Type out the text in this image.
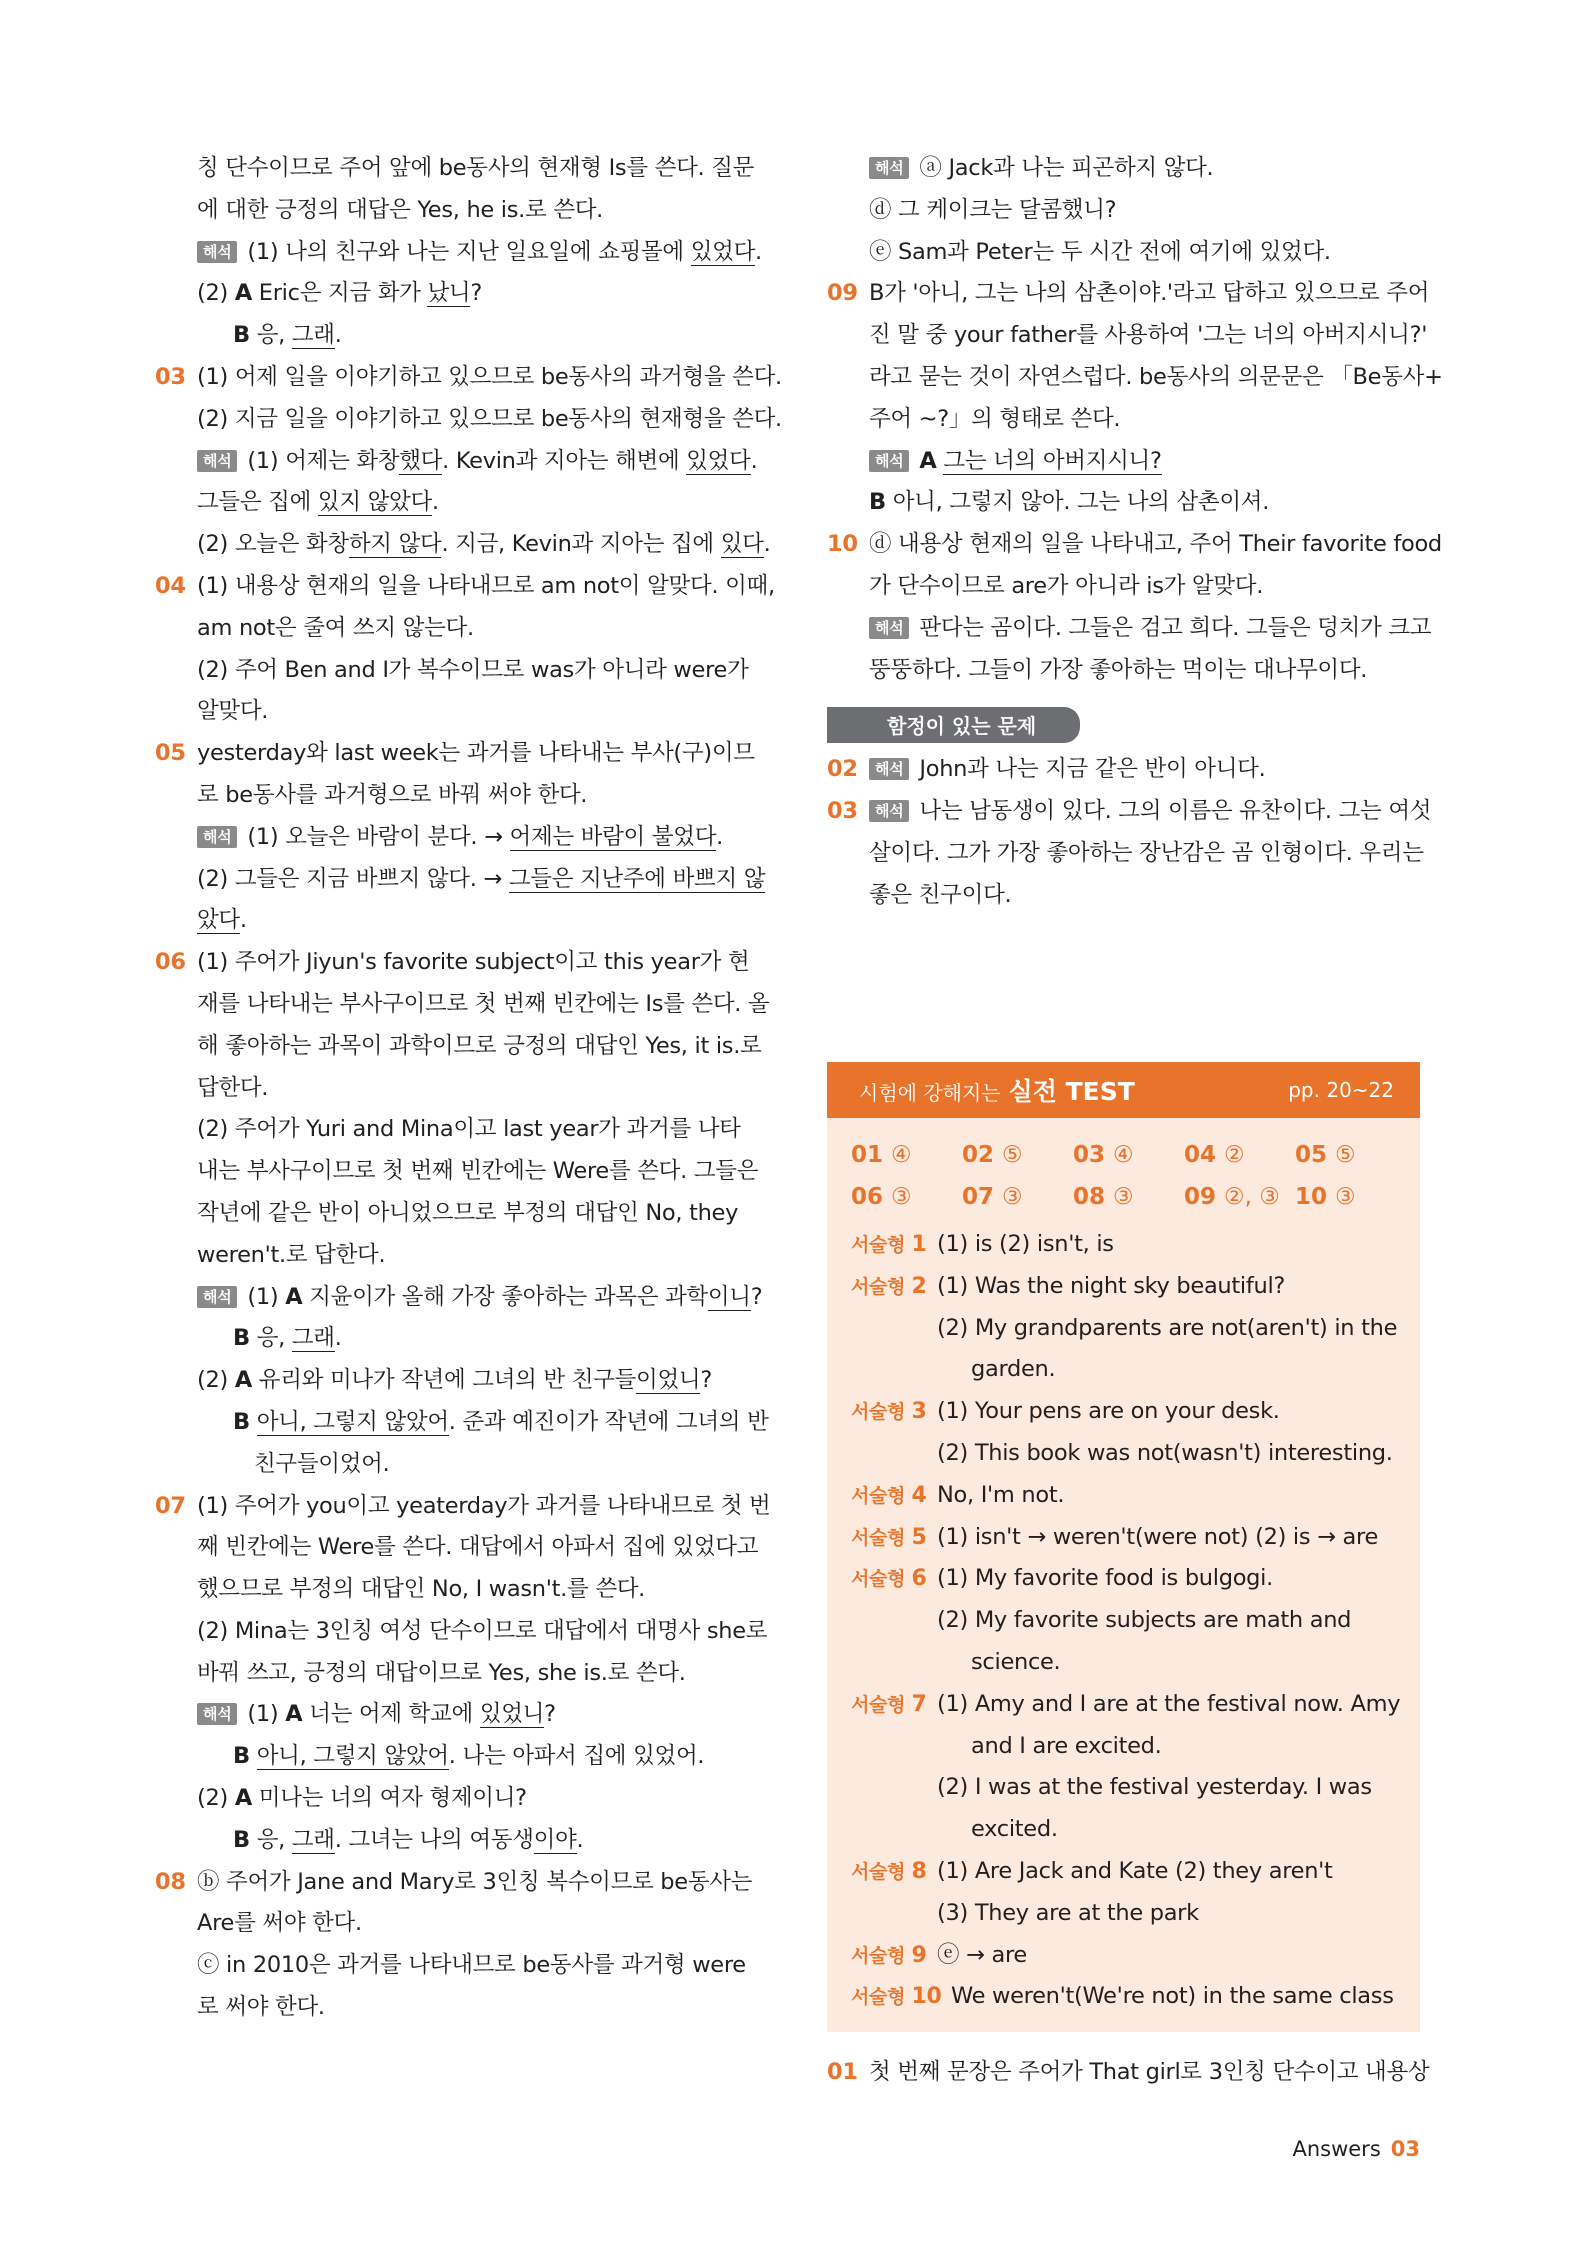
칭 단수이므로 주어 앞에 be동사의 현재형 Is를 쓴다. 질문
에 대한 긍정의 대답은 Yes, he is.로 쓴다.
해석 (1) 나의 친구와 나는 지난 일요일에 쇼핑몰에 있었다.
(2) A Eric은 지금 화가 났니?
B 응, 그래.
03 (1) 어제 일을 이야기하고 있으므로 be동사의 과거형을 쓴다.
(2) 지금 일을 이야기하고 있으므로 be동사의 현재형을 쓴다.
해석 (1) 어제는 화창했다. Kevin과 지아는 해변에 있었다.
그들은 집에 있지 않았다.
(2) 오늘은 화창하지 않다. 지금, Kevin과 지아는 집에 있다.
04 (1) 내용상 현재의 일을 나타내므로 am not이 알맞다. 이때,
am not은 줄여 쓰지 않는다.
(2) 주어 Ben and I가 복수이므로 was가 아니라 were가
알맞다.
05 yesterday와 last week는 과거를 나타내는 부사(구)이므
로 be동사를 과거형으로 바꿔 써야 한다.
해석 (1) 오늘은 바람이 분다. → 어제는 바람이 불었다.
(2) 그들은 지금 바쁘지 않다. → 그들은 지난주에 바쁘지 않
았다.
06 (1) 주어가 Jiyun's favorite subject이고 this year가 현
재를 나타내는 부사구이므로 첫 번째 빈칸에는 Is를 쓴다. 올
해 좋아하는 과목이 과학이므로 긍정의 대답인 Yes, it is.로
답한다.
(2) 주어가 Yuri and Mina이고 last year가 과거를 나타
내는 부사구이므로 첫 번째 빈칸에는 Were를 쓴다. 그들은
작년에 같은 반이 아니었으므로 부정의 대답인 No, they
weren't.로 답한다.
해석 (1) A 지윤이가 올해 가장 좋아하는 과목은 과학이니?
B 응, 그래.
(2) A 유리와 미나가 작년에 그녀의 반 친구들이었니?
B 아니, 그렇지 않았어. 준과 예진이가 작년에 그녀의 반
친구들이었어.
07 (1) 주어가 you이고 yeaterday가 과거를 나타내므로 첫 번
째 빈칸에는 Were를 쓴다. 대답에서 아파서 집에 있었다고
했으므로 부정의 대답인 No, I wasn't.를 쓴다.
(2) Mina는 3인칭 여성 단수이므로 대답에서 대명사 she로
바꿔 쓰고, 긍정의 대답이므로 Yes, she is.로 쓴다.
해석 (1) A 너는 어제 학교에 있었니?
B 아니, 그렇지 않았어. 나는 아파서 집에 있었어.
(2) A 미나는 너의 여자 형제이니?
B 응, 그래. 그녀는 나의 여동생이야.
08 ⓑ 주어가 Jane and Mary로 3인칭 복수이므로 be동사는
Are를 써야 한다.
ⓒ in 2010은 과거를 나타내므로 be동사를 과거형 were
로 써야 한다.
해석 ⓐ Jack과 나는 피곤하지 않다.
ⓓ 그 케이크는 달콤했니?
ⓔ Sam과 Peter는 두 시간 전에 여기에 있었다.
09 B가 '아니, 그는 나의 삼촌이야.'라고 답하고 있으므로 주어
진 말 중 your father를 사용하여 '그는 너의 아버지시니?'
라고 묻는 것이 자연스럽다. be동사의 의문문은 「Be동사+
주어 ~?」의 형태로 쓴다.
해석 A 그는 너의 아버지시니?
B 아니, 그렇지 않아. 그는 나의 삼촌이셔.
10 ⓓ 내용상 현재의 일을 나타내고, 주어 Their favorite food
가 단수이므로 are가 아니라 is가 알맞다.
해석 판다는 곰이다. 그들은 검고 희다. 그들은 덩치가 크고
뚱뚱하다. 그들이 가장 좋아하는 먹이는 대나무이다.
함정이 있는 문제
02	해석 John과 나는 지금 같은 반이 아니다.
03	해석 나는 남동생이 있다. 그의 이름은 유찬이다. 그는 여섯
살이다. 그가 가장 좋아하는 장난감은 곰 인형이다. 우리는
좋은 친구이다.
시험에 강해지는 실전 TEST	pp. 20~22
01 ④	02 ⑤	03 ④	04 ②	05 ⑤
06 ③	07 ③	08 ③	09 ②, ③ 10 ③
서술형 1 (1) is (2) isn't, is
서술형 2 (1) Was the night sky beautiful?
(2) My grandparents are not(aren't) in the

garden.
서술형 3 (1) Your pens are on your desk.
(2) This book was not(wasn't) interesting.
서술형 4 No, I'm not.
서술형 5 (1) isn't → weren't(were not) (2) is → are
서술형 6 (1) My favorite food is bulgogi.
(2) My favorite subjects are math and

science.
서술형 7 (1) Amy and I are at the festival now. Amy

and I are excited.
(2) I was at the festival yesterday. I was

excited.
서술형 8 (1) Are Jack and Kate (2) they aren't
(3) They are at the park
서술형 9 ⓔ → are
서술형 10 We weren't(We're not) in the same class
01 첫 번째 문장은 주어가 That girl로 3인칭 단수이고 내용상
Answers 03
